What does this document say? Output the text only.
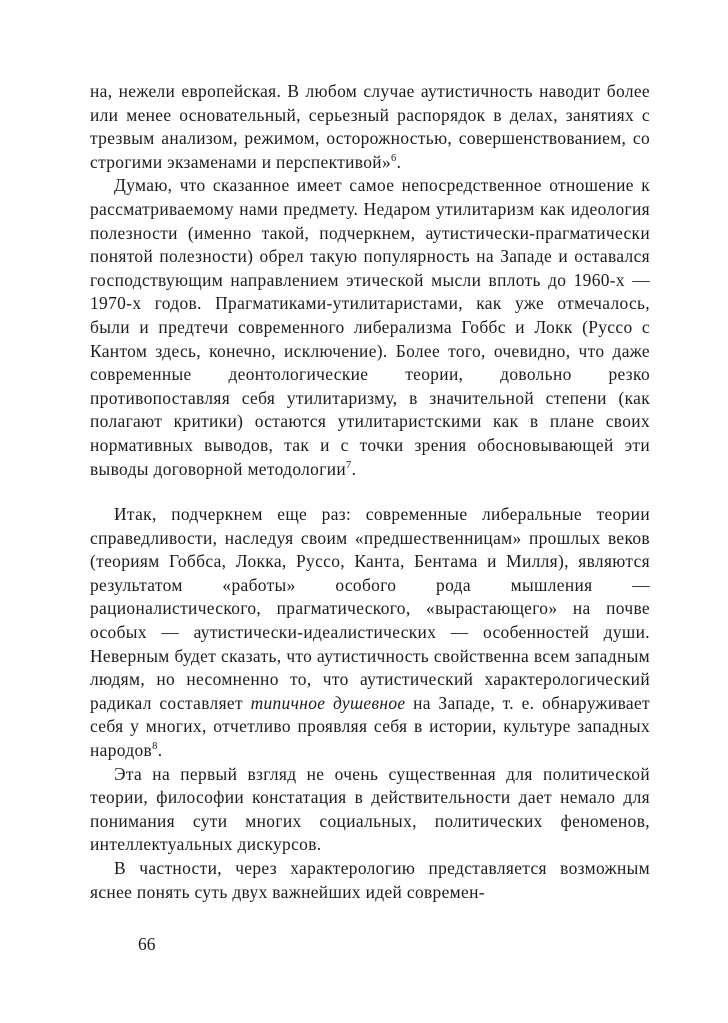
на, нежели европейская. В любом случае аутистичность наводит более или менее основательный, серьезный распорядок в делах, занятиях с трезвым анализом, режимом, осторожностью, совершенствованием, со строгими экзаменами и перспективой»$^6$.

Думаю, что сказанное имеет самое непосредственное отношение к рассматриваемому нами предмету. Недаром утилитаризм как идеология полезности (именно такой, подчеркнем, аутистически-прагматически понятой полезности) обрел такую популярность на Западе и оставался господствующим направлением этической мысли вплоть до 1960-х — 1970-х годов. Прагматиками-утилитаристами, как уже отмечалось, были и предтечи современного либерализма Гоббс и Локк (Руссо с Кантом здесь, конечно, исключение). Более того, очевидно, что даже современные деонтологические теории, довольно резко противопоставляя себя утилитаризму, в значительной степени (как полагают критики) остаются утилитаристскими как в плане своих нормативных выводов, так и с точки зрения обосновывающей эти выводы договорной методологии$^7$.

Итак, подчеркнем еще раз: современные либеральные теории справедливости, наследуя своим «предшественницам» прошлых веков (теориям Гоббса, Локка, Руссо, Канта, Бентама и Милля), являются результатом «работы» особого рода мышления — рационалистического, прагматического, «вырастающего» на почве особых — аутистически-идеалистических — особенностей души. Неверным будет сказать, что аутистичность свойственна всем западным людям, но несомненно то, что аутистический характерологический радикал составляет типичное душевное на Западе, т. е. обнаруживает себя у многих, отчетливо проявляя себя в истории, культуре западных народов$^8$.

Эта на первый взгляд не очень существенная для политической теории, философии констатация в действительности дает немало для понимания сути многих социальных, политических феноменов, интеллектуальных дискурсов.

В частности, через характерологию представляется возможным яснее понять суть двух важнейших идей современ-

66
